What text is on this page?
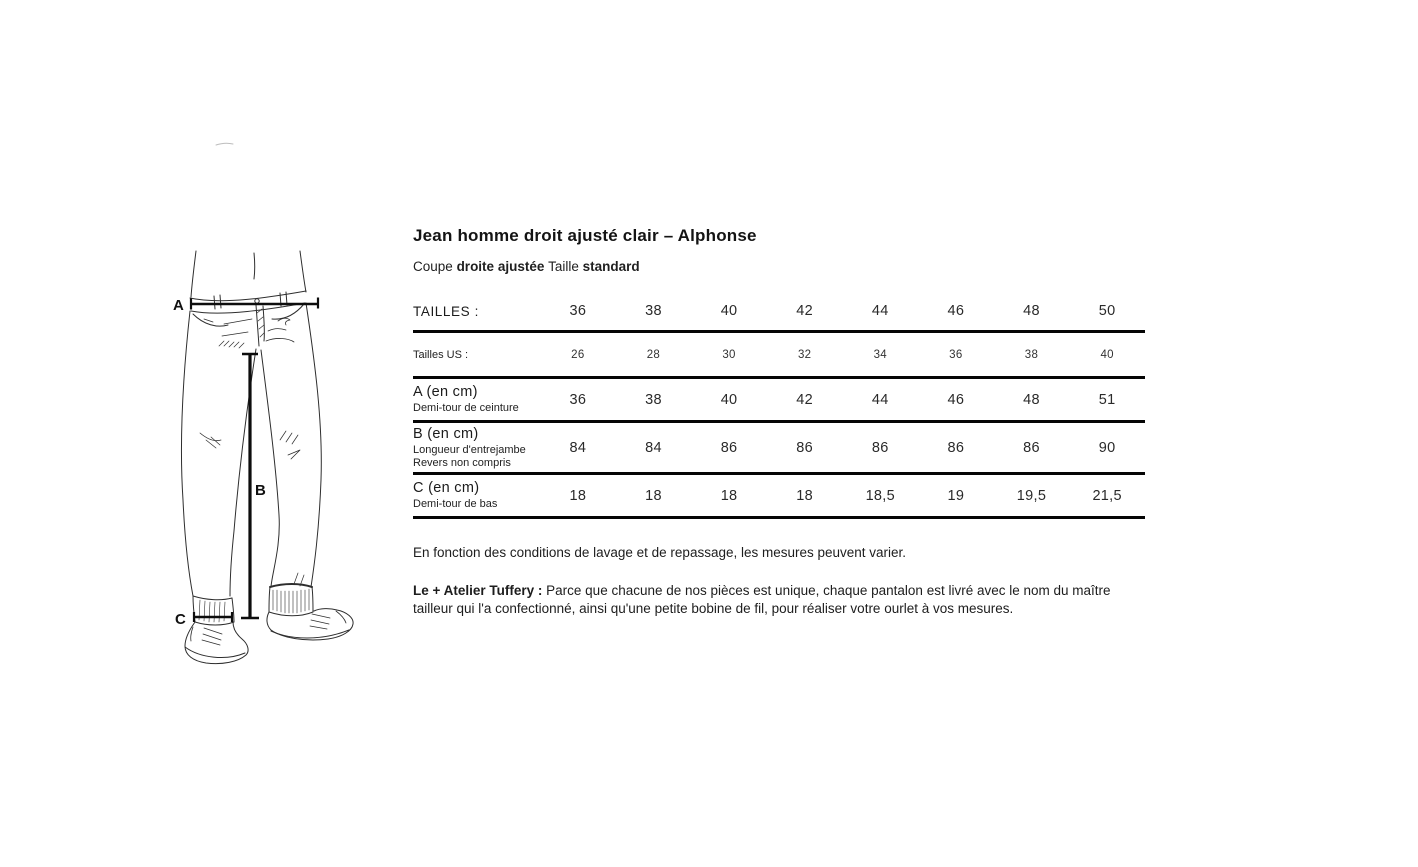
A
B
C
Jean homme droit ajusté clair – Alphonse
Coupe droite ajustée Taille standard
TAILLES :	36	38	40	42	44	46	48	50
Tailles US :	26	28	30	32	34	36	38	40

A (en cm)
Demi-tour de ceinture	36	38	40	42	44	46	48	51

B (en cm)
Longueur d'entrejambe
Revers non compris	84	84	86	86	86	86	86	90

C (en cm)
Demi-tour de bas	18	18	18	18	18,5	19	19,5	21,5
En fonction des conditions de lavage et de repassage, les mesures peuvent varier.
Le + Atelier Tuffery : Parce que chacune de nos pièces est unique, chaque pantalon est livré avec le nom du maître
tailleur qui l'a confectionné, ainsi qu'une petite bobine de fil, pour réaliser votre ourlet à vos mesures.
